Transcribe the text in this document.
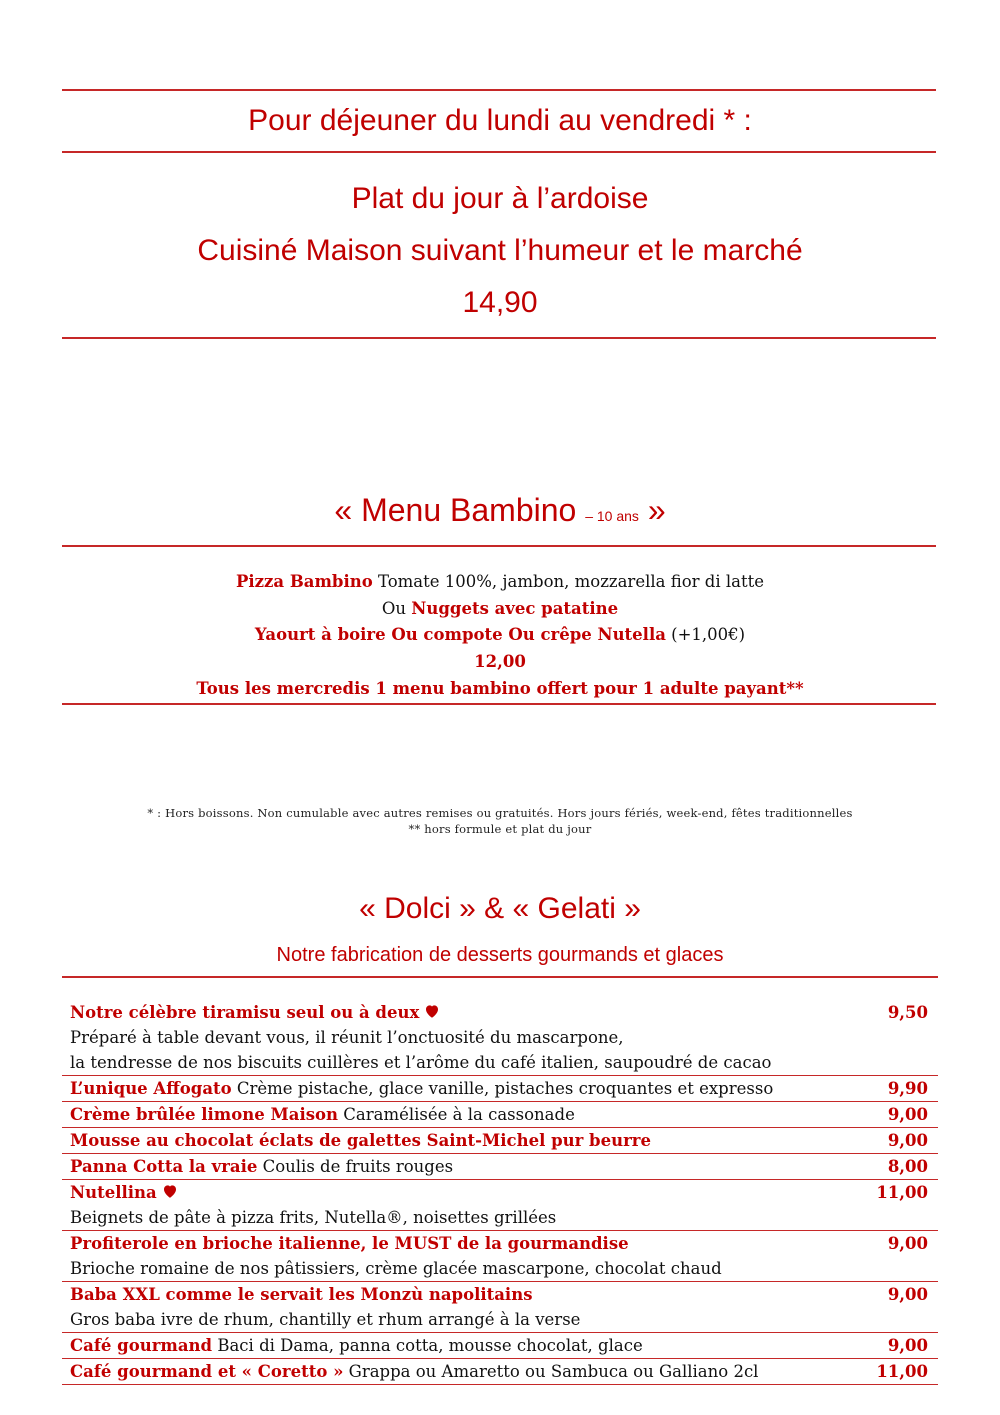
Pour déjeuner du lundi au vendredi * :
Plat du jour à l’ardoise
Cuisiné Maison suivant l’humeur et le marché
14,90
« Menu Bambino – 10 ans »
Pizza Bambino Tomate 100%, jambon, mozzarella fior di latte
Ou Nuggets avec patatine
Yaourt à boire Ou compote Ou crêpe Nutella (+1,00€)
12,00
Tous les mercredis 1 menu bambino offert pour 1 adulte payant**
* : Hors boissons. Non cumulable avec autres remises ou gratuités. Hors jours fériés, week-end, fêtes traditionnelles
** hors formule et plat du jour
« Dolci » & « Gelati »
Notre fabrication de desserts gourmands et glaces
Notre célèbre tiramisu seul ou à deux	9,50
Préparé à table devant vous, il réunit l’onctuosité du mascarpone,
la tendresse de nos biscuits cuillères et l’arôme du café italien, saupoudré de cacao
L’unique Affogato Crème pistache, glace vanille, pistaches croquantes et expresso	9,90
Crème brûlée limone Maison Caramélisée à la cassonade	9,00
Mousse au chocolat éclats de galettes Saint-Michel pur beurre	9,00
Panna Cotta la vraie Coulis de fruits rouges	8,00
Nutellina	11,00
Beignets de pâte à pizza frits, Nutella®, noisettes grillées
Profiterole en brioche italienne, le MUST de la gourmandise	9,00
Brioche romaine de nos pâtissiers, crème glacée mascarpone, chocolat chaud
Baba XXL comme le servait les Monzù napolitains	9,00
Gros baba ivre de rhum, chantilly et rhum arrangé à la verse
Café gourmand Baci di Dama, panna cotta, mousse chocolat, glace	9,00
Café gourmand et « Coretto » Grappa ou Amaretto ou Sambuca ou Galliano 2cl	11,00
